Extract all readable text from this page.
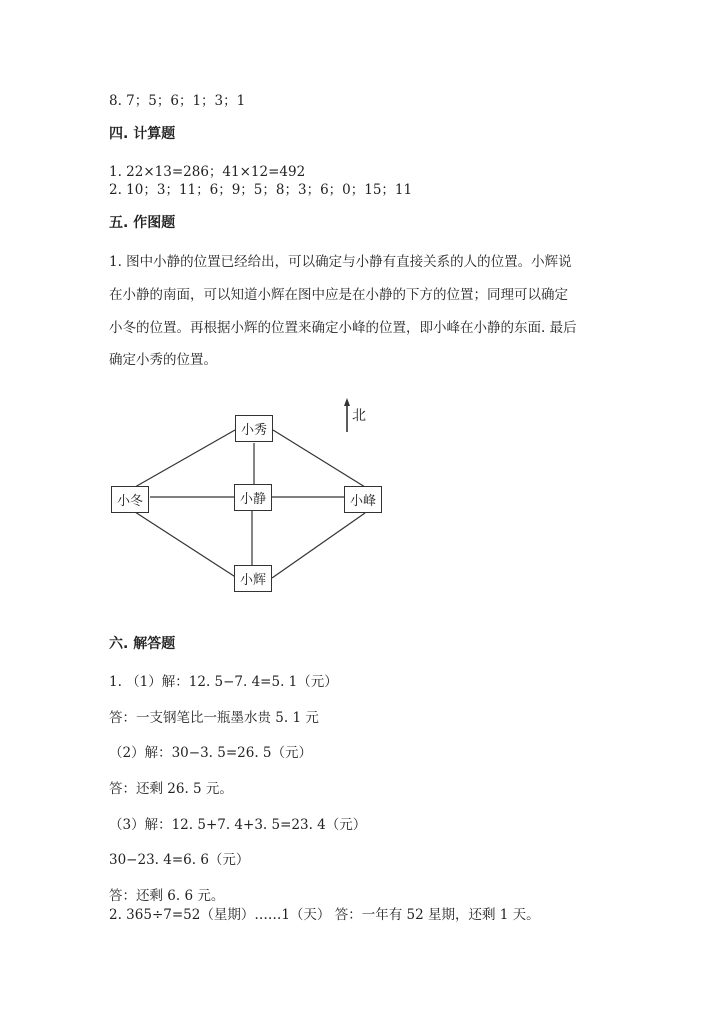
8. 7；5；6；1；3；1
四. 计算题
1. 22×13=286；41×12=492
2. 10；3；11；6；9；5；8；3；6；0；15；11
五. 作图题
1. 图中小静的位置已经给出，可以确定与小静有直接关系的人的位置。小辉说
在小静的南面，可以知道小辉在图中应是在小静的下方的位置；同理可以确定
小冬的位置。再根据小辉的位置来确定小峰的位置，即小峰在小静的东面. 最后
确定小秀的位置。
北
小秀
小冬	小静	小峰
小辉
六. 解答题
1. （1）解：12. 5−7. 4=5. 1（元）
答：一支钢笔比一瓶墨水贵 5. 1 元
（2）解：30−3. 5=26. 5（元）
答：还剩 26. 5 元。
（3）解：12. 5+7. 4+3. 5=23. 4（元）
30−23. 4=6. 6（元）
答：还剩 6. 6 元。
2. 365÷7=52（星期）……1（天） 答：一年有 52 星期，还剩 1 天。
